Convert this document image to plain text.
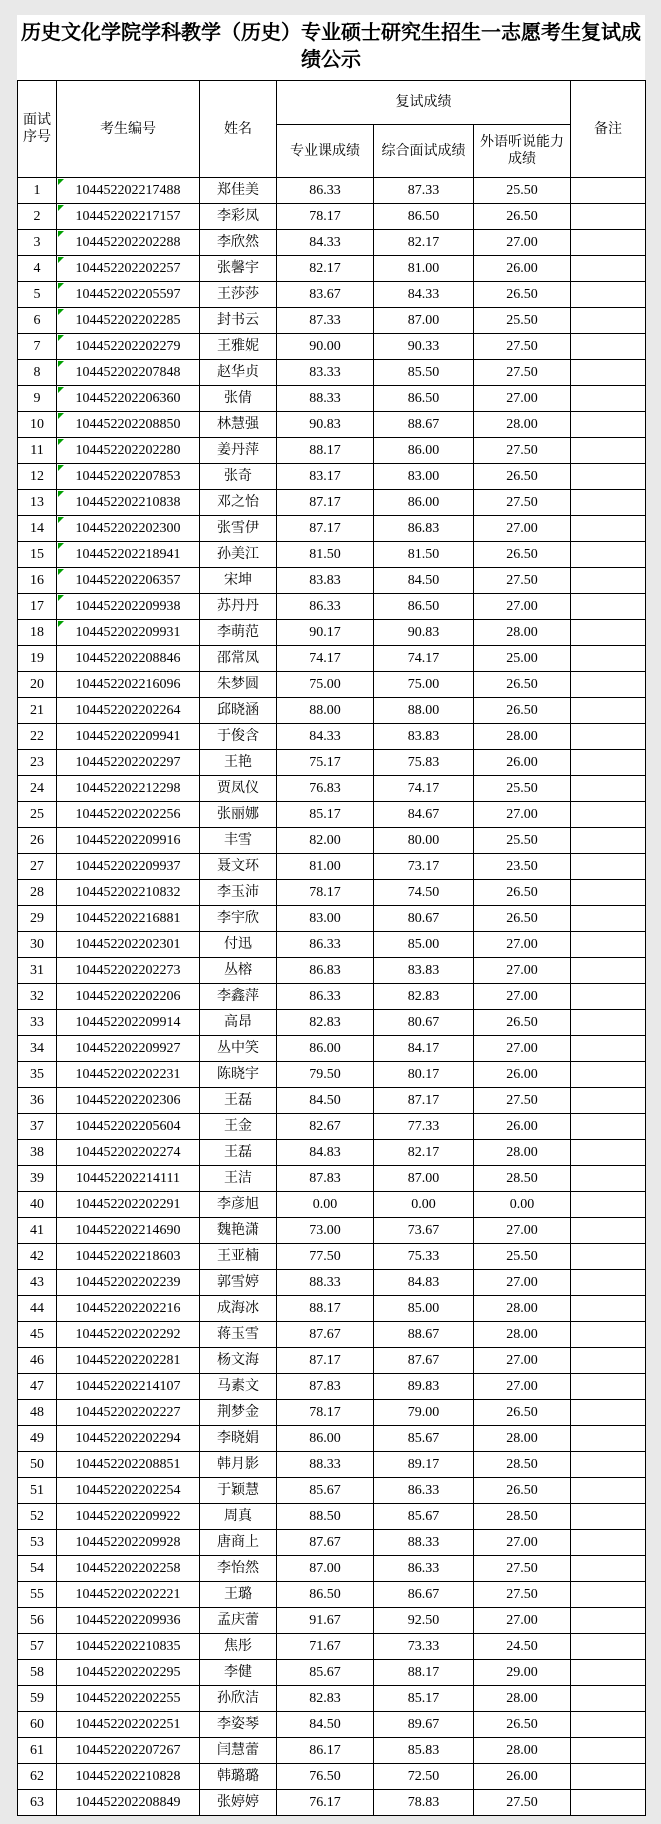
历史文化学院学科教学（历史）专业硕士研究生招生一志愿考生复试成绩公示
面试序号	考生编号	姓名	复试成绩			备注
			专业课成绩	综合面试成绩	外语听说能力成绩	
1	104452202217488	郑佳美	86.33	87.33	25.50	
2	104452202217157	李彩凤	78.17	86.50	26.50	
3	104452202202288	李欣然	84.33	82.17	27.00	
4	104452202202257	张馨宇	82.17	81.00	26.00	
5	104452202205597	王莎莎	83.67	84.33	26.50	
6	104452202202285	封书云	87.33	87.00	25.50	
7	104452202202279	王雅妮	90.00	90.33	27.50	
8	104452202207848	赵华贞	83.33	85.50	27.50	
9	104452202206360	张倩	88.33	86.50	27.00	
10	104452202208850	林慧强	90.83	88.67	28.00	
11	104452202202280	姜丹萍	88.17	86.00	27.50	
12	104452202207853	张奇	83.17	83.00	26.50	
13	104452202210838	邓之怡	87.17	86.00	27.50	
14	104452202202300	张雪伊	87.17	86.83	27.00	
15	104452202218941	孙美江	81.50	81.50	26.50	
16	104452202206357	宋坤	83.83	84.50	27.50	
17	104452202209938	苏丹丹	86.33	86.50	27.00	
18	104452202209931	李萌范	90.17	90.83	28.00	
19	104452202208846	邵常凤	74.17	74.17	25.00	
20	104452202216096	朱梦圆	75.00	75.00	26.50	
21	104452202202264	邱晓涵	88.00	88.00	26.50	
22	104452202209941	于俊含	84.33	83.83	28.00	
23	104452202202297	王艳	75.17	75.83	26.00	
24	104452202212298	贾凤仪	76.83	74.17	25.50	
25	104452202202256	张丽娜	85.17	84.67	27.00	
26	104452202209916	丰雪	82.00	80.00	25.50	
27	104452202209937	聂文环	81.00	73.17	23.50	
28	104452202210832	李玉沛	78.17	74.50	26.50	
29	104452202216881	李宇欣	83.00	80.67	26.50	
30	104452202202301	付迅	86.33	85.00	27.00	
31	104452202202273	丛榕	86.83	83.83	27.00	
32	104452202202206	李鑫萍	86.33	82.83	27.00	
33	104452202209914	高昂	82.83	80.67	26.50	
34	104452202209927	丛中笑	86.00	84.17	27.00	
35	104452202202231	陈晓宇	79.50	80.17	26.00	
36	104452202202306	王磊	84.50	87.17	27.50	
37	104452202205604	王金	82.67	77.33	26.00	
38	104452202202274	王磊	84.83	82.17	28.00	
39	104452202214111	王洁	87.83	87.00	28.50	
40	104452202202291	李彦旭	0.00	0.00	0.00	
41	104452202214690	魏艳潇	73.00	73.67	27.00	
42	104452202218603	王亚楠	77.50	75.33	25.50	
43	104452202202239	郭雪婷	88.33	84.83	27.00	
44	104452202202216	成海冰	88.17	85.00	28.00	
45	104452202202292	蒋玉雪	87.67	88.67	28.00	
46	104452202202281	杨文海	87.17	87.67	27.00	
47	104452202214107	马素文	87.83	89.83	27.00	
48	104452202202227	荆梦金	78.17	79.00	26.50	
49	104452202202294	李晓娟	86.00	85.67	28.00	
50	104452202208851	韩月影	88.33	89.17	28.50	
51	104452202202254	于颖慧	85.67	86.33	26.50	
52	104452202209922	周真	88.50	85.67	28.50	
53	104452202209928	唐商上	87.67	88.33	27.00	
54	104452202202258	李怡然	87.00	86.33	27.50	
55	104452202202221	王璐	86.50	86.67	27.50	
56	104452202209936	孟庆蕾	91.67	92.50	27.00	
57	104452202210835	焦彤	71.67	73.33	24.50	
58	104452202202295	李健	85.67	88.17	29.00	
59	104452202202255	孙欣洁	82.83	85.17	28.00	
60	104452202202251	李姿琴	84.50	89.67	26.50	
61	104452202207267	闫慧蕾	86.17	85.83	28.00	
62	104452202210828	韩璐璐	76.50	72.50	26.00	
63	104452202208849	张婷婷	76.17	78.83	27.50	
